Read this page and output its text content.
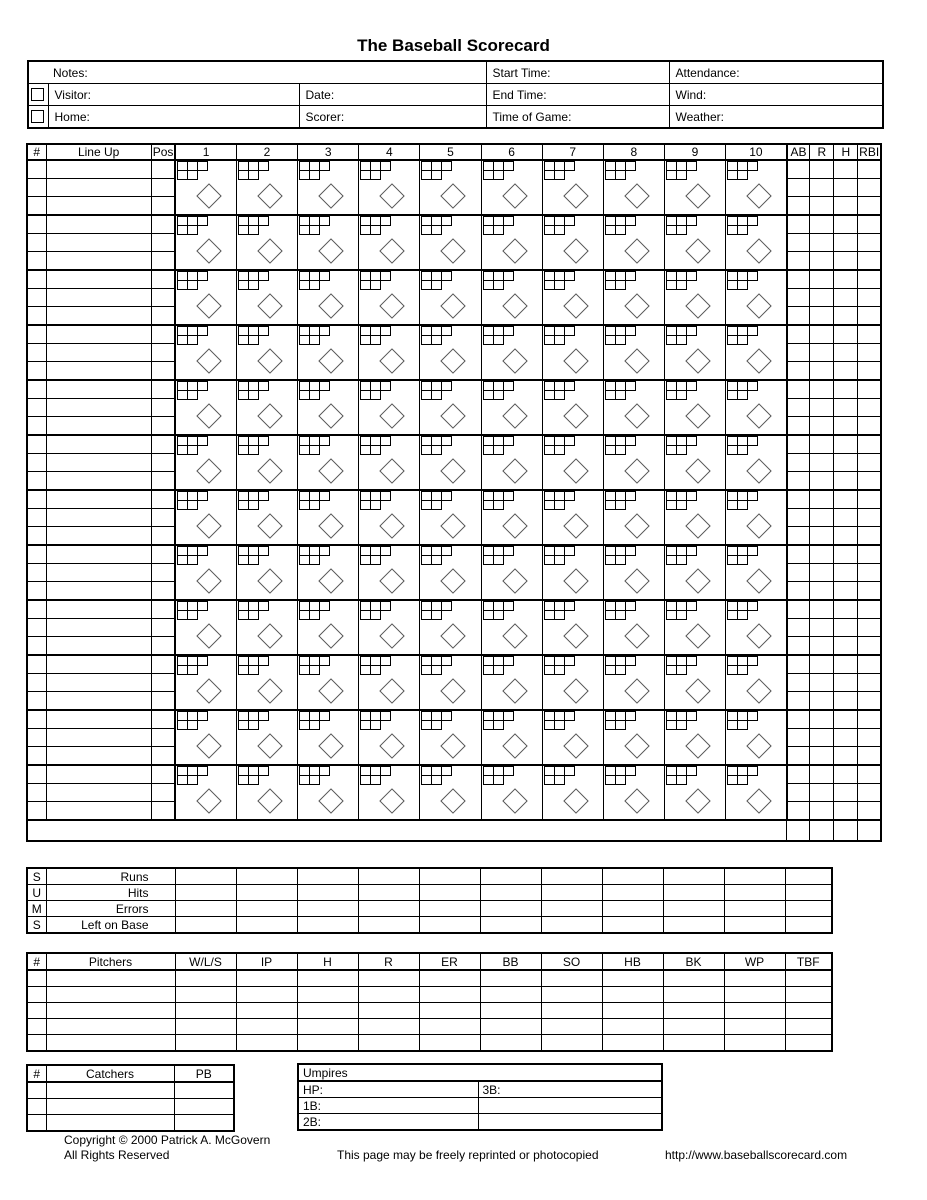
The Baseball Scorecard
Notes:			Start Time:	Attendance:
	Visitor:	Date:	End Time:	Wind:
	Home:	Scorer:	Time of Game:	Weather:
#	Line Up	Pos	1	2	3	4	5	6	7	8	9	10	AB	R	H	RBI

S	Runs											
U	Hits											
M	Errors											
S	Left on Base											
#	Pitchers	W/L/S	IP	H	R	ER	BB	SO	HB	BK	WP	TBF

#	Catchers	PB

			Umpires	
HP:	3B:
1B:	
2B:	
Copyright © 2000 Patrick A. McGovern
All Rights Reserved	This page may be freely reprinted or photocopied	http://www.baseballscorecard.com
